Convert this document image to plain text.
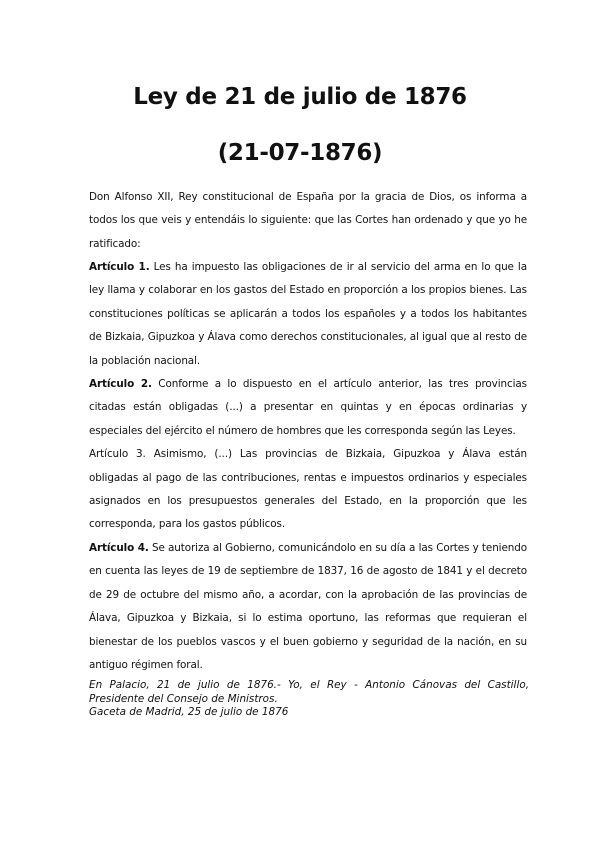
Ley de 21 de julio de 1876
(21-07-1876)

Don Alfonso XII, Rey constitucional de España por la gracia de Dios, os informa a todos los que veis y entendáis lo siguiente: que las Cortes han ordenado y que yo he ratificado:

Artículo 1. Les ha impuesto las obligaciones de ir al servicio del arma en lo que la ley llama y colaborar en los gastos del Estado en proporción a los propios bienes. Las constituciones políticas se aplicarán a todos los españoles y a todos los habitantes de Bizkaia, Gipuzkoa y Álava como derechos constitucionales, al igual que al resto de la población nacional.

Artículo 2. Conforme a lo dispuesto en el artículo anterior, las tres provincias citadas están obligadas (...) a presentar en quintas y en épocas ordinarias y especiales del ejército el número de hombres que les corresponda según las Leyes.

Artículo 3. Asimismo, (...) Las provincias de Bizkaia, Gipuzkoa y Álava están obligadas al pago de las contribuciones, rentas e impuestos ordinarios y especiales asignados en los presupuestos generales del Estado, en la proporción que les corresponda, para los gastos públicos.

Artículo 4. Se autoriza al Gobierno, comunicándolo en su día a las Cortes y teniendo en cuenta las leyes de 19 de septiembre de 1837, 16 de agosto de 1841 y el decreto de 29 de octubre del mismo año, a acordar, con la aprobación de las provincias de Álava, Gipuzkoa y Bizkaia, si lo estima oportuno, las reformas que requieran el bienestar de los pueblos vascos y el buen gobierno y seguridad de la nación, en su antiguo régimen foral.

En Palacio, 21 de julio de 1876.- Yo, el Rey - Antonio Cánovas del Castillo, Presidente del Consejo de Ministros.
Gaceta de Madrid, 25 de julio de 1876
